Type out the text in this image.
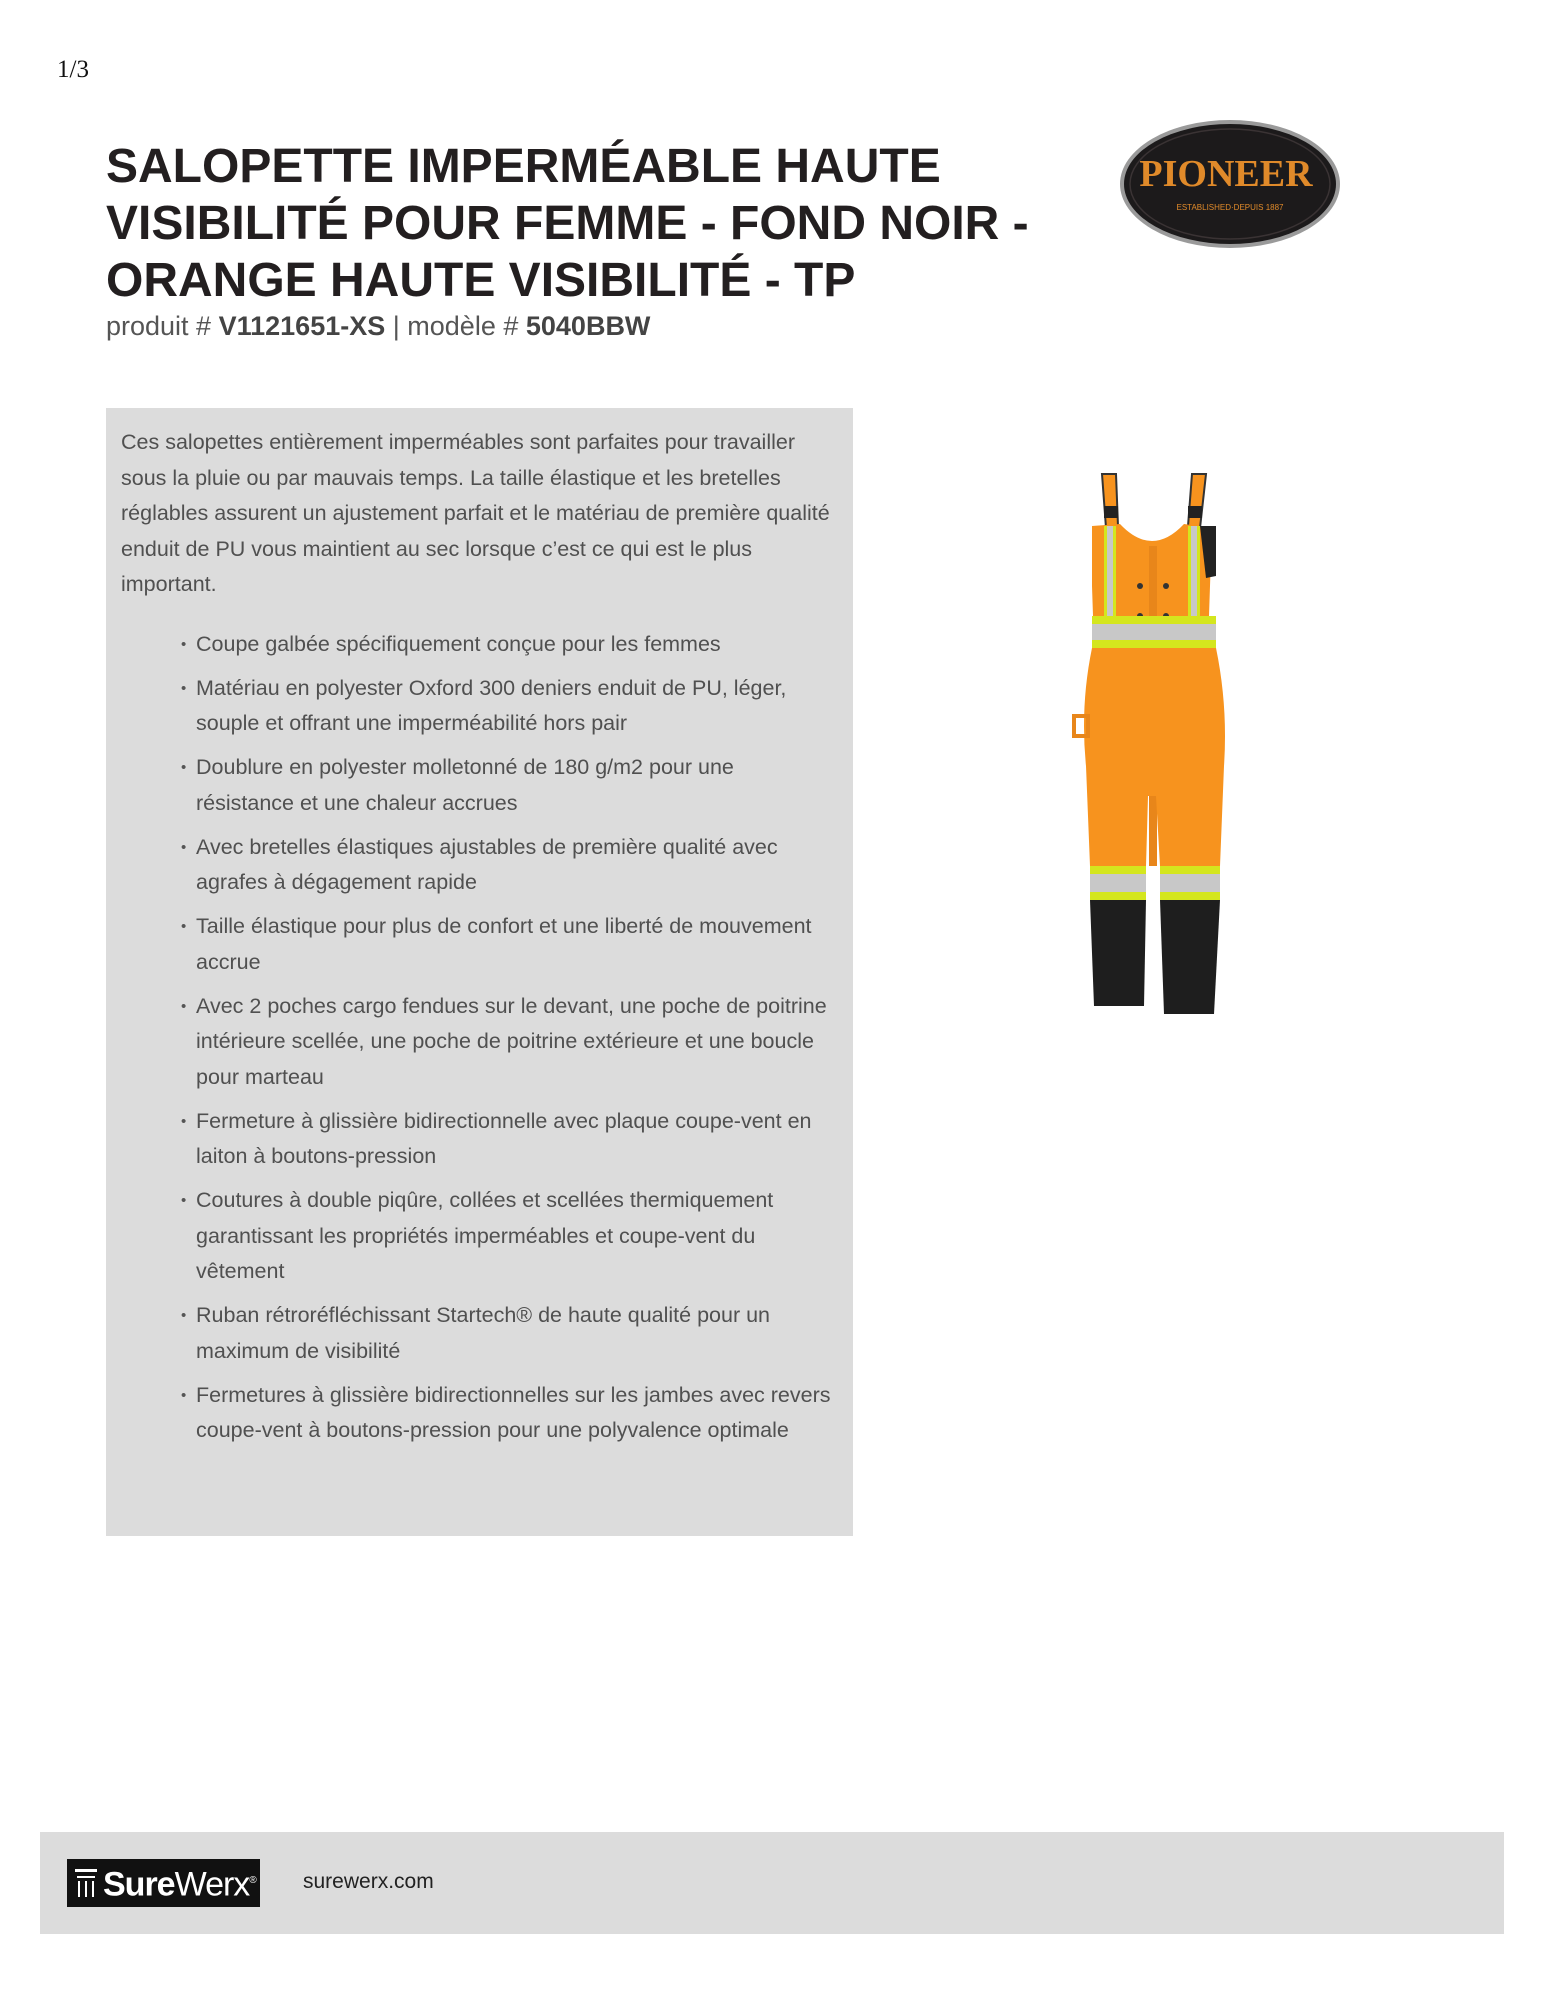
1/3
SALOPETTE IMPERMÉABLE HAUTE VISIBILITÉ POUR FEMME - FOND NOIR - ORANGE HAUTE VISIBILITÉ - TP
produit # V1121651-XS | modèle # 5040BBW
PIONEER
ESTABLISHED·DEPUIS 1887

Ces salopettes entièrement imperméables sont parfaites pour travailler sous la pluie ou par mauvais temps. La taille élastique et les bretelles réglables assurent un ajustement parfait et le matériau de première qualité enduit de PU vous maintient au sec lorsque c’est ce qui est le plus important.

• Coupe galbée spécifiquement conçue pour les femmes
• Matériau en polyester Oxford 300 deniers enduit de PU, léger, souple et offrant une imperméabilité hors pair
• Doublure en polyester molletonné de 180 g/m2 pour une résistance et une chaleur accrues
• Avec bretelles élastiques ajustables de première qualité avec agrafes à dégagement rapide
• Taille élastique pour plus de confort et une liberté de mouvement accrue
• Avec 2 poches cargo fendues sur le devant, une poche de poitrine intérieure scellée, une poche de poitrine extérieure et une boucle pour marteau
• Fermeture à glissière bidirectionnelle avec plaque coupe-vent en laiton à boutons-pression
• Coutures à double piqûre, collées et scellées thermiquement garantissant les propriétés imperméables et coupe-vent du vêtement
• Ruban rétroréfléchissant Startech® de haute qualité pour un maximum de visibilité
• Fermetures à glissière bidirectionnelles sur les jambes avec revers coupe-vent à boutons-pression pour une polyvalence optimale
SureWerx® surewerx.com
